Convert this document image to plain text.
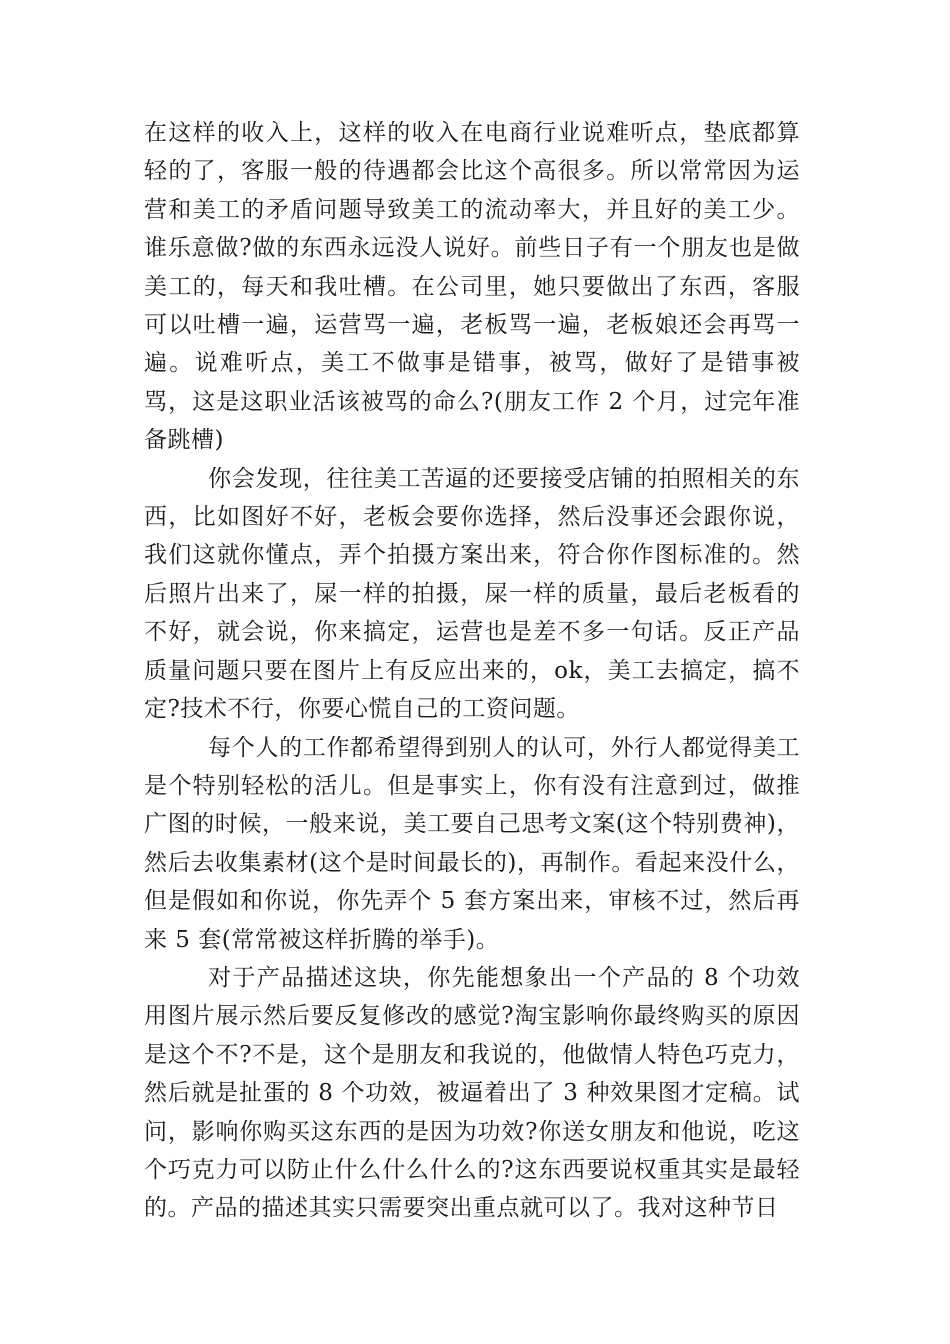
在这样的收入上，这样的收入在电商行业说难听点，垫底都算轻的了，客服一般的待遇都会比这个高很多。所以常常因为运营和美工的矛盾问题导致美工的流动率大，并且好的美工少。谁乐意做?做的东西永远没人说好。前些日子有一个朋友也是做美工的，每天和我吐槽。在公司里，她只要做出了东西，客服可以吐槽一遍，运营骂一遍，老板骂一遍，老板娘还会再骂一遍。说难听点，美工不做事是错事，被骂，做好了是错事被骂，这是这职业活该被骂的命么?(朋友工作 2 个月，过完年准备跳槽)

你会发现，往往美工苦逼的还要接受店铺的拍照相关的东西，比如图好不好，老板会要你选择，然后没事还会跟你说，我们这就你懂点，弄个拍摄方案出来，符合你作图标准的。然后照片出来了，屎一样的拍摄，屎一样的质量，最后老板看的不好，就会说，你来搞定，运营也是差不多一句话。反正产品质量问题只要在图片上有反应出来的，ok，美工去搞定，搞不定?技术不行，你要心慌自己的工资问题。

每个人的工作都希望得到别人的认可，外行人都觉得美工是个特别轻松的活儿。但是事实上，你有没有注意到过，做推广图的时候，一般来说，美工要自己思考文案(这个特别费神)，然后去收集素材(这个是时间最长的)，再制作。看起来没什么，但是假如和你说，你先弄个 5 套方案出来，审核不过，然后再来 5 套(常常被这样折腾的举手)。

对于产品描述这块，你先能想象出一个产品的 8 个功效用图片展示然后要反复修改的感觉?淘宝影响你最终购买的原因是这个不?不是，这个是朋友和我说的，他做情人特色巧克力，然后就是扯蛋的 8 个功效，被逼着出了 3 种效果图才定稿。试问，影响你购买这东西的是因为功效?你送女朋友和他说，吃这个巧克力可以防止什么什么什么的?这东西要说权重其实是最轻的。产品的描述其实只需要突出重点就可以了。我对这种节日
